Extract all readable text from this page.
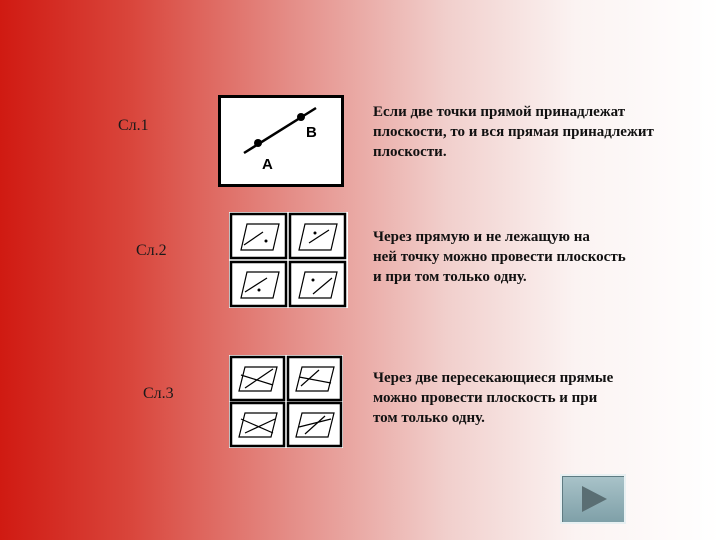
Сл.1	B
A
Если две точки прямой принадлежат
плоскости, то и вся прямая принадлежит
плоскости.
Сл.2
Через прямую и не лежащую на
ней точку можно провести плоскость
и при том только одну.
Сл.3
Через две пересекающиеся прямые
можно провести плоскость и при
том только одну.
